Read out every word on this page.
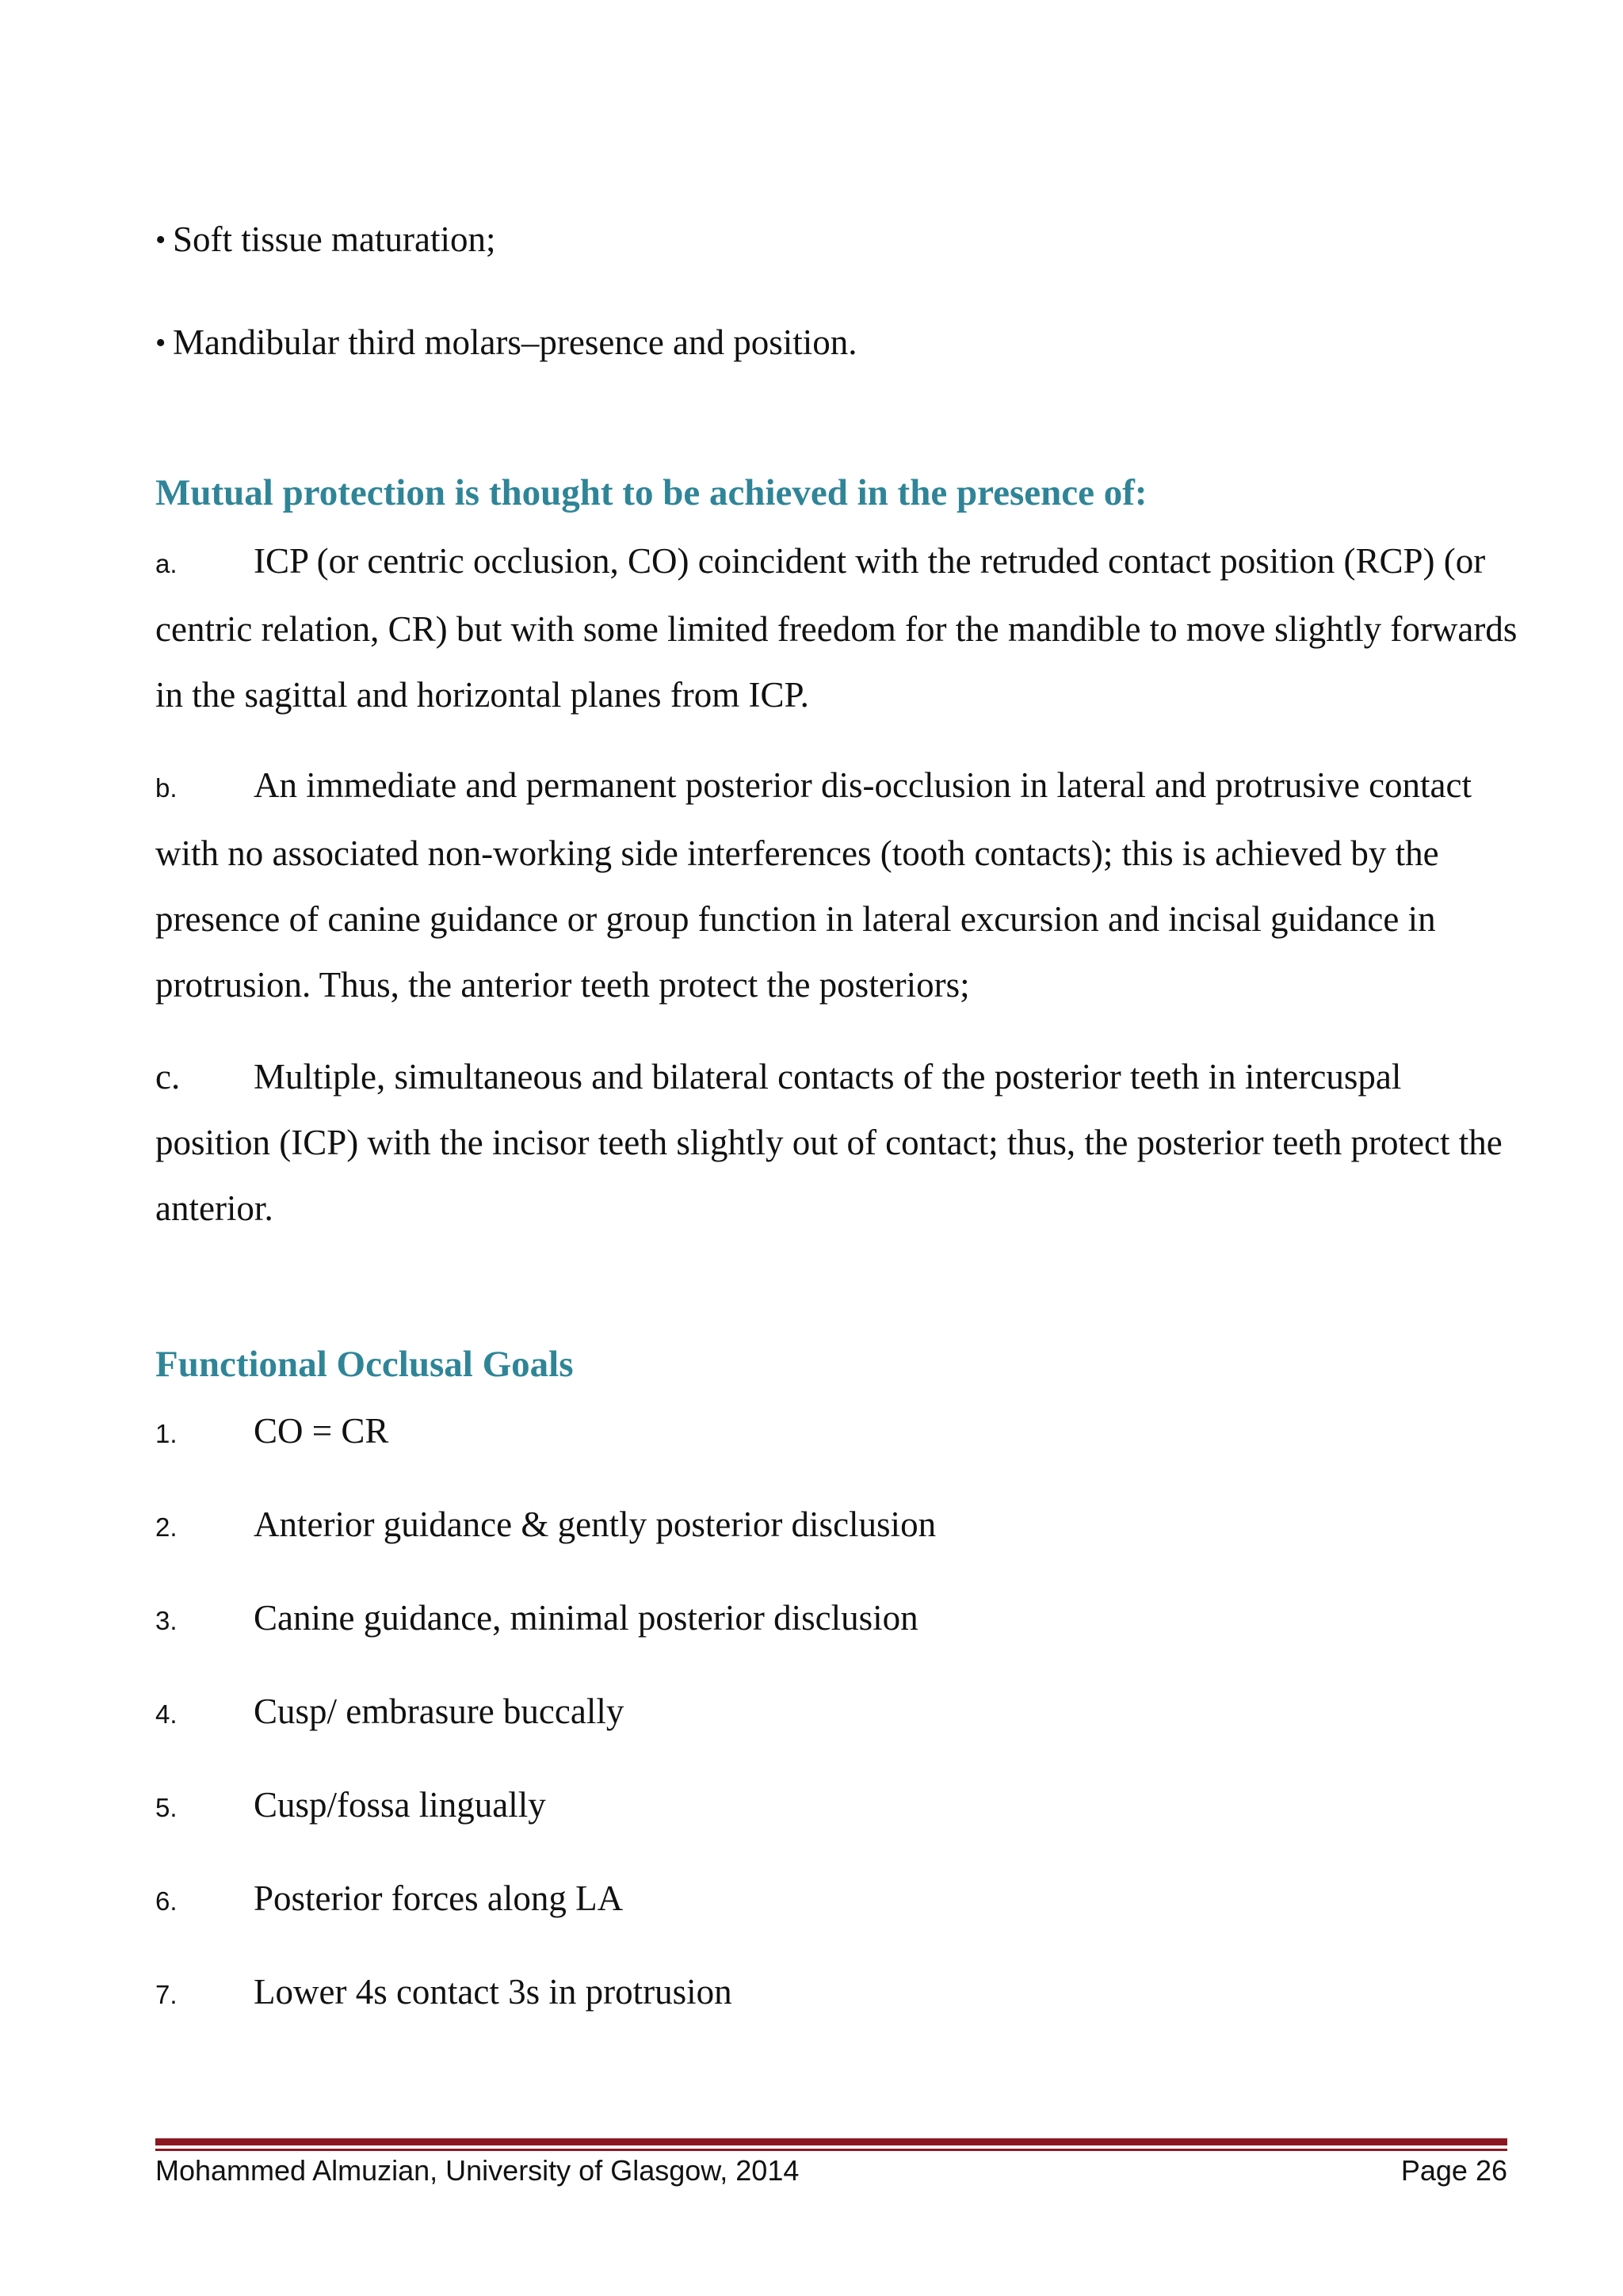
• Soft tissue maturation;
• Mandibular third molars–presence and position.
Mutual protection is thought to be achieved in the presence of:

a. ICP (or centric occlusion, CO) coincident with the retruded contact position (RCP) (or centric relation, CR) but with some limited freedom for the mandible to move slightly forwards in the sagittal and horizontal planes from ICP.

b. An immediate and permanent posterior dis-occlusion in lateral and protrusive contact with no associated non-working side interferences (tooth contacts); this is achieved by the presence of canine guidance or group function in lateral excursion and incisal guidance in protrusion. Thus, the anterior teeth protect the posteriors;

c. Multiple, simultaneous and bilateral contacts of the posterior teeth in intercuspal position (ICP) with the incisor teeth slightly out of contact; thus, the posterior teeth protect the anterior.

Functional Occlusal Goals
1. CO = CR
2. Anterior guidance & gently posterior disclusion
3. Canine guidance, minimal posterior disclusion
4. Cusp/ embrasure buccally
5. Cusp/fossa lingually
6. Posterior forces along LA
7. Lower 4s contact 3s in protrusion
Mohammed Almuzian, University of Glasgow, 2014	Page 26
